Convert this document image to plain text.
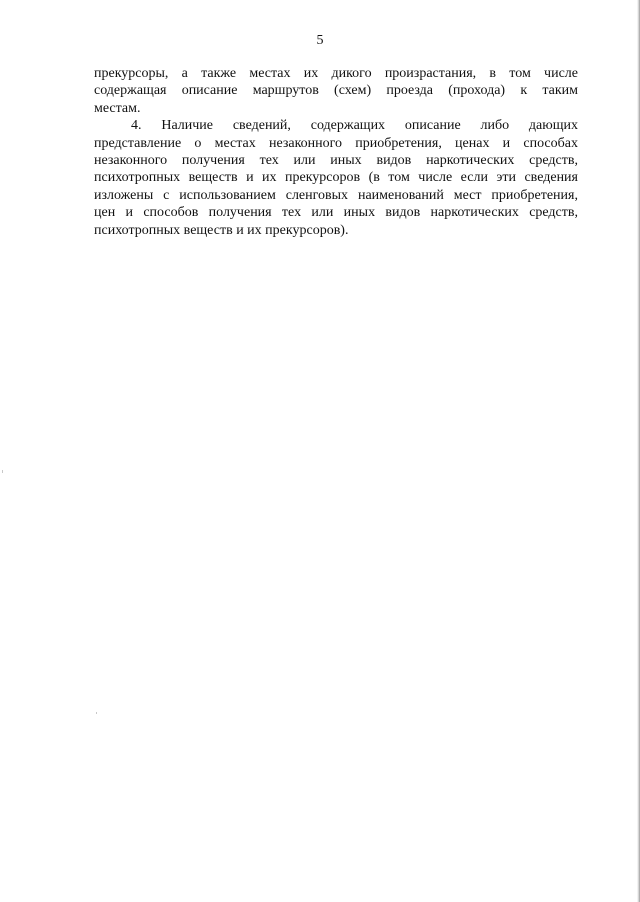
5
прекурсоры, а также местах их дикого произрастания, в том числе
содержащая описание маршрутов (схем) проезда (прохода) к таким
местам.
4. Наличие сведений, содержащих описание либо дающих
представление о местах незаконного приобретения, ценах и способах
незаконного получения тех или иных видов наркотических средств,
психотропных веществ и их прекурсоров (в том числе если эти сведения
изложены с использованием сленговых наименований мест приобретения,
цен и способов получения тех или иных видов наркотических средств,
психотропных веществ и их прекурсоров).
